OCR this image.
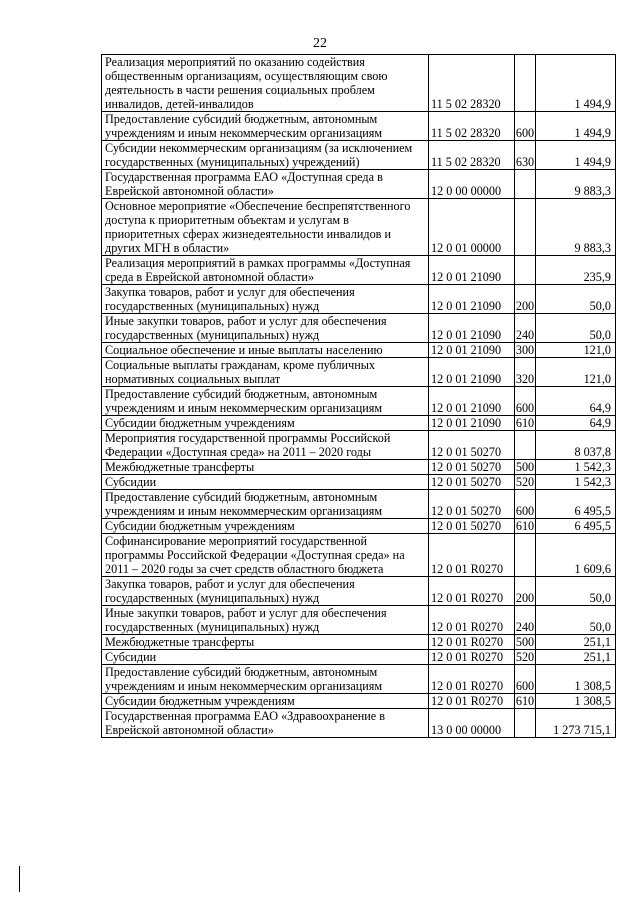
22
Реализация мероприятий по оказанию содействия общественным организациям, осуществляющим свою деятельность в части решения социальных проблем инвалидов, детей-инвалидов	11 5 02 28320		1 494,9
Предоставление субсидий бюджетным, автономным учреждениям и иным некоммерческим организациям	11 5 02 28320	600	1 494,9
Субсидии некоммерческим организациям (за исключением государственных (муниципальных) учреждений)	11 5 02 28320	630	1 494,9
Государственная программа ЕАО «Доступная среда в Еврейской автономной области»	12 0 00 00000		9 883,3
Основное мероприятие «Обеспечение беспрепятственного доступа к приоритетным объектам и услугам в приоритетных сферах жизнедеятельности инвалидов и других МГН в области»	12 0 01 00000		9 883,3
Реализация мероприятий в рамках программы «Доступная среда в Еврейской автономной области»	12 0 01 21090		235,9
Закупка товаров, работ и услуг для обеспечения государственных (муниципальных) нужд	12 0 01 21090	200	50,0
Иные закупки товаров, работ и услуг для обеспечения государственных (муниципальных) нужд	12 0 01 21090	240	50,0
Социальное обеспечение и иные выплаты населению	12 0 01 21090	300	121,0
Социальные выплаты гражданам, кроме публичных нормативных социальных выплат	12 0 01 21090	320	121,0
Предоставление субсидий бюджетным, автономным учреждениям и иным некоммерческим организациям	12 0 01 21090	600	64,9
Субсидии бюджетным учреждениям	12 0 01 21090	610	64,9
Мероприятия государственной программы Российской Федерации «Доступная среда» на 2011 – 2020 годы	12 0 01 50270		8 037,8
Межбюджетные трансферты	12 0 01 50270	500	1 542,3
Субсидии	12 0 01 50270	520	1 542,3
Предоставление субсидий бюджетным, автономным учреждениям и иным некоммерческим организациям	12 0 01 50270	600	6 495,5
Субсидии бюджетным учреждениям	12 0 01 50270	610	6 495,5
Софинансирование мероприятий государственной программы Российской Федерации «Доступная среда» на 2011 – 2020 годы за счет средств областного бюджета	12 0 01 R0270		1 609,6
Закупка товаров, работ и услуг для обеспечения государственных (муниципальных) нужд	12 0 01 R0270	200	50,0
Иные закупки товаров, работ и услуг для обеспечения государственных (муниципальных) нужд	12 0 01 R0270	240	50,0
Межбюджетные трансферты	12 0 01 R0270	500	251,1
Субсидии	12 0 01 R0270	520	251,1
Предоставление субсидий бюджетным, автономным учреждениям и иным некоммерческим организациям	12 0 01 R0270	600	1 308,5
Субсидии бюджетным учреждениям	12 0 01 R0270	610	1 308,5
Государственная программа ЕАО «Здравоохранение в Еврейской автономной области»	13 0 00 00000		1 273 715,1
